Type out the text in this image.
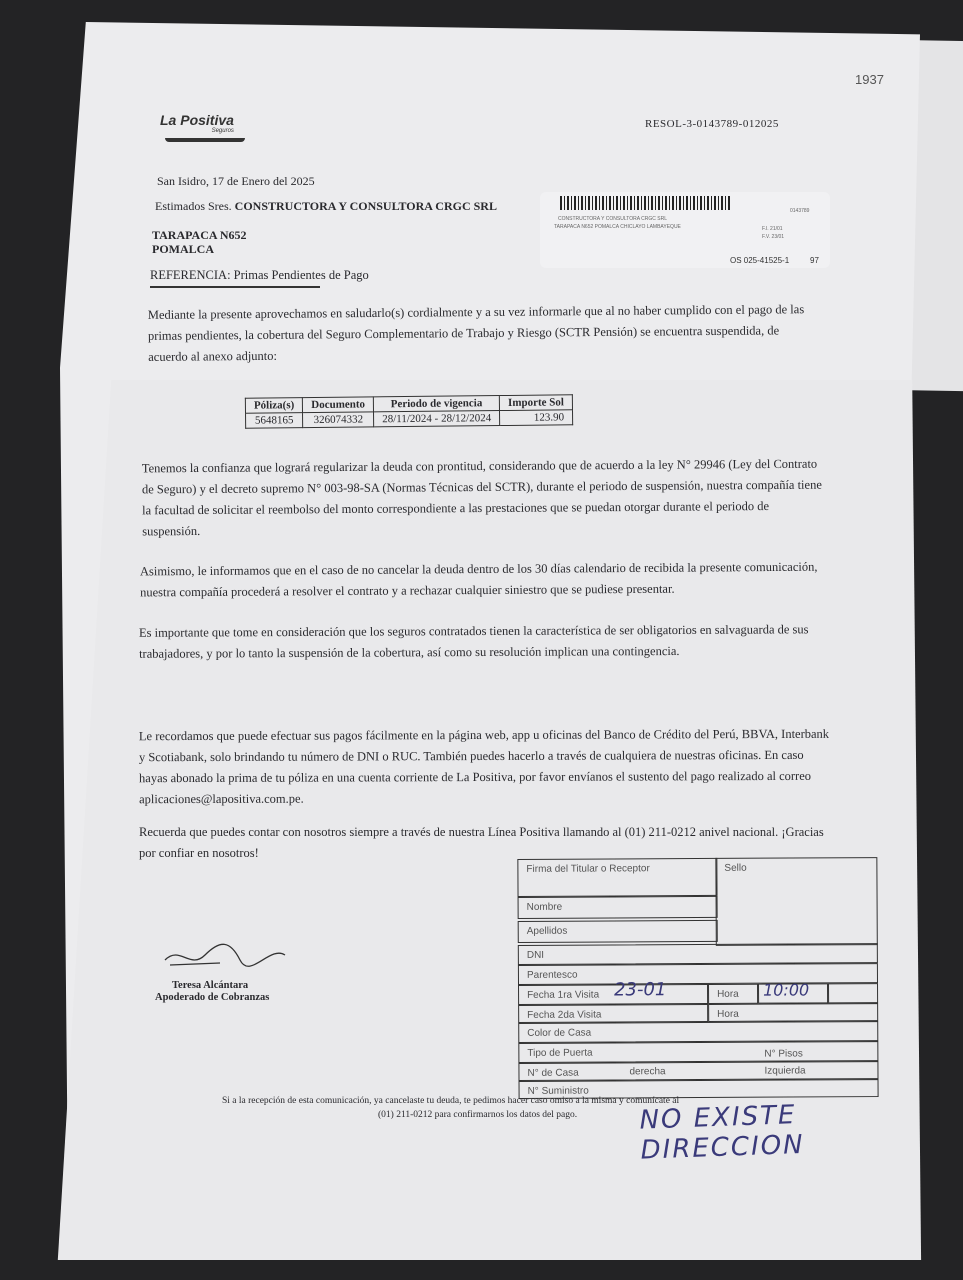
1937
La Positiva
Seguros
RESOL-3-0143789-012025
San Isidro, 17 de Enero del 2025
Estimados Sres. CONSTRUCTORA Y CONSULTORA CRGC SRL
TARAPACA N652
POMALCA
REFERENCIA: Primas Pendientes de Pago
CONSTRUCTORA Y CONSULTORA CRGC SRL
TARAPACA N652 POMALCA CHICLAYO LAMBAYEQUE
0143789
F.I. 21/01
F.V. 23/01
OS 025-41525-1	97
Mediante la presente aprovechamos en saludarlo(s) cordialmente y a su vez informarle que al no haber cumplido con el pago de las primas pendientes, la cobertura del Seguro Complementario de Trabajo y Riesgo (SCTR Pensión) se encuentra suspendida, de acuerdo al anexo adjunto:
Póliza(s)	Documento	Periodo de vigencia	Importe Sol
5648165	326074332	28/11/2024 - 28/12/2024	123.90
Tenemos la confianza que logrará regularizar la deuda con prontitud, considerando que de acuerdo a la ley N° 29946 (Ley del Contrato de Seguro) y el decreto supremo N° 003-98-SA (Normas Técnicas del SCTR), durante el periodo de suspensión, nuestra compañía tiene la facultad de solicitar el reembolso del monto correspondiente a las prestaciones que se puedan otorgar durante el periodo de suspensión.
Asimismo, le informamos que en el caso de no cancelar la deuda dentro de los 30 días calendario de recibida la presente comunicación, nuestra compañía procederá a resolver el contrato y a rechazar cualquier siniestro que se pudiese presentar.
Es importante que tome en consideración que los seguros contratados tienen la característica de ser obligatorios en salvaguarda de sus trabajadores, y por lo tanto la suspensión de la cobertura, así como su resolución implican una contingencia.
Le recordamos que puede efectuar sus pagos fácilmente en la página web, app u oficinas del Banco de Crédito del Perú, BBVA, Interbank y Scotiabank, solo brindando tu número de DNI o RUC. También puedes hacerlo a través de cualquiera de nuestras oficinas. En caso hayas abonado la prima de tu póliza en una cuenta corriente de La Positiva, por favor envíanos el sustento del pago realizado al correo aplicaciones@lapositiva.com.pe.
Recuerda que puedes contar con nosotros siempre a través de nuestra Línea Positiva llamando al (01) 211-0212 anivel nacional. ¡Gracias por confiar en nosotros!
Teresa Alcántara
Apoderado de Cobranzas
Firma del Titular o Receptor	Sello
Nombre
Apellidos
DNI
Parentesco
Fecha 1ra Visita 23-01	Hora	10:00
Fecha 2da Visita	Hora
Color de Casa
Tipo de Puerta	N° Pisos
N° de Casa	derecha	Izquierda
N° Suministro
Si a la recepción de esta comunicación, ya cancelaste tu deuda, te pedimos hacer caso omiso a la misma y comunícate al
(01) 211-0212 para confirmarnos los datos del pago. NO EXISTE DIRECCION
